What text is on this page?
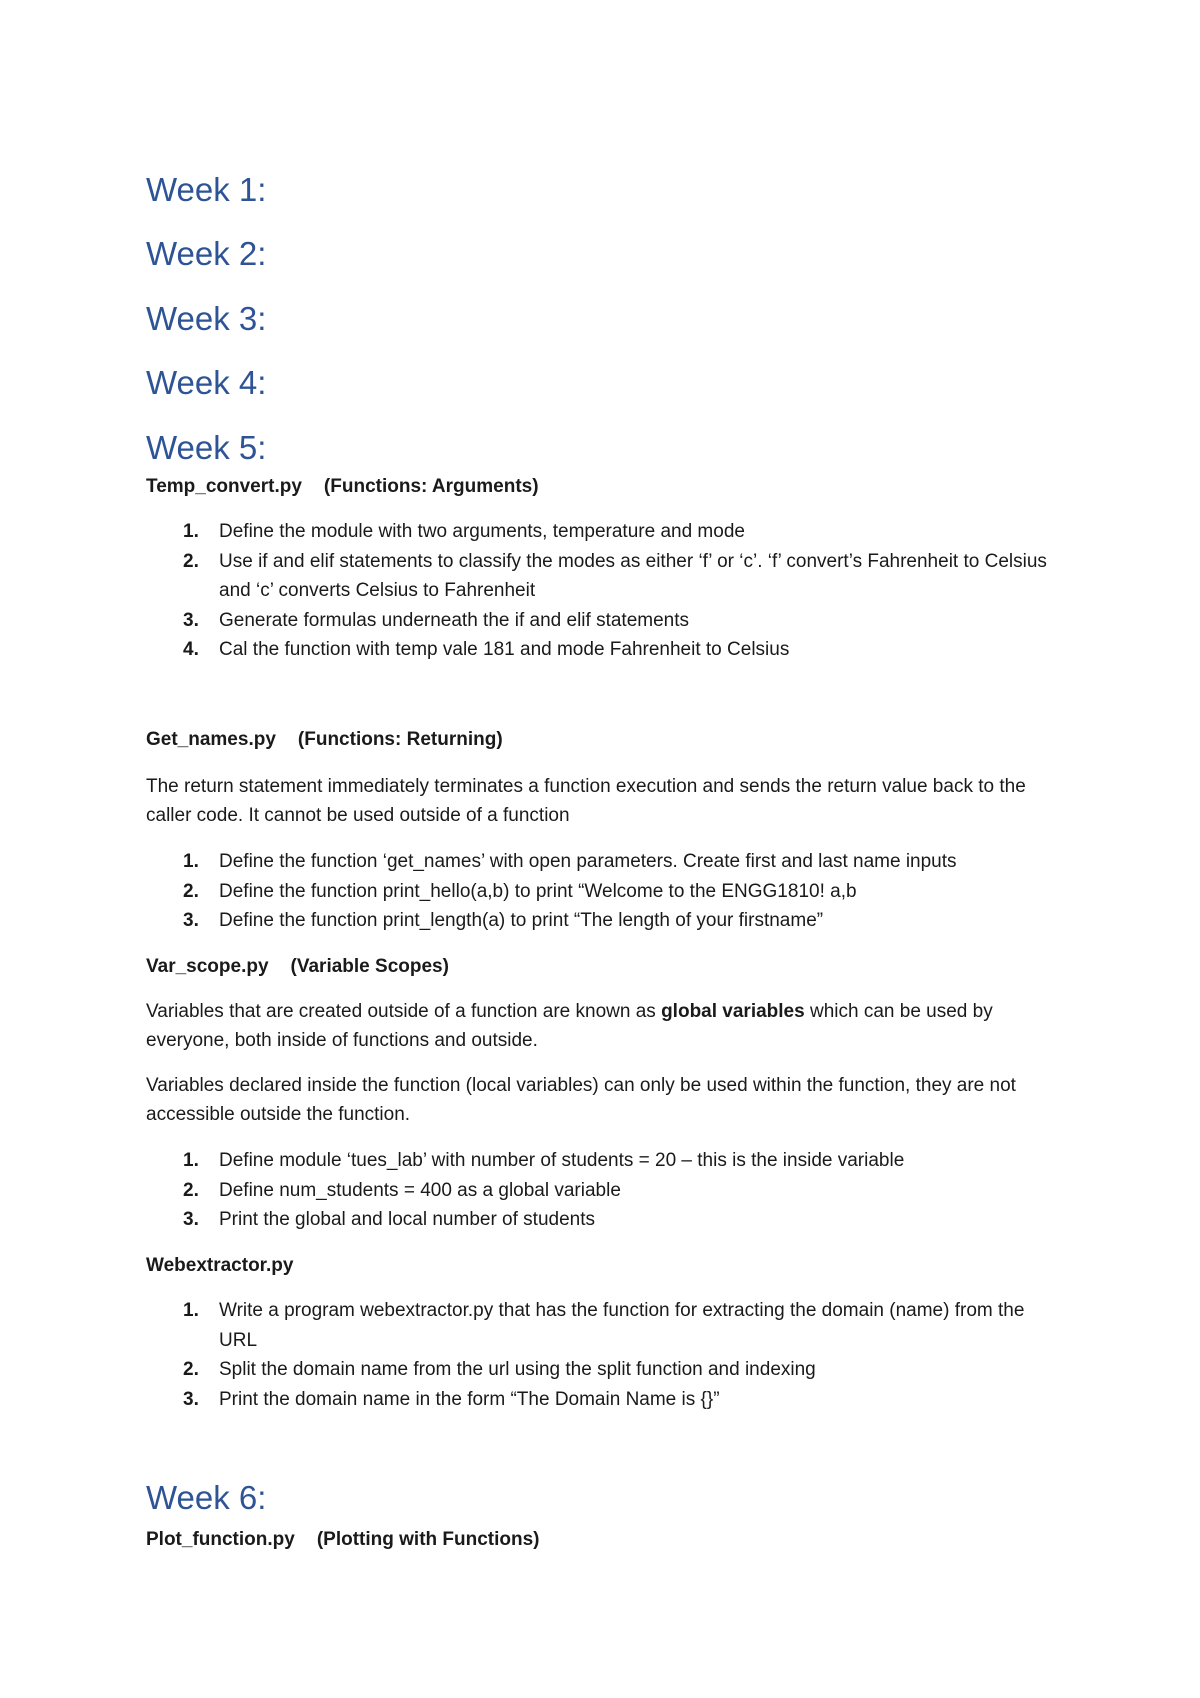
Week 1:
Week 2:
Week 3:
Week 4:
Week 5:
Temp_convert.py (Functions: Arguments)
1. Define the module with two arguments, temperature and mode
2. Use if and elif statements to classify the modes as either ‘f’ or ‘c’. ‘f’ convert’s Fahrenheit to Celsius and ‘c’ converts Celsius to Fahrenheit
3. Generate formulas underneath the if and elif statements
4. Cal the function with temp vale 181 and mode Fahrenheit to Celsius
Get_names.py (Functions: Returning)

The return statement immediately terminates a function execution and sends the return value back to the caller code. It cannot be used outside of a function

1. Define the function ‘get_names’ with open parameters. Create first and last name inputs
2. Define the function print_hello(a,b) to print “Welcome to the ENGG1810! a,b
3. Define the function print_length(a) to print “The length of your firstname”
Var_scope.py (Variable Scopes)

Variables that are created outside of a function are known as global variables which can be used by everyone, both inside of functions and outside.

Variables declared inside the function (local variables) can only be used within the function, they are not accessible outside the function.

1. Define module ‘tues_lab’ with number of students = 20 – this is the inside variable
2. Define num_students = 400 as a global variable
3. Print the global and local number of students
Webextractor.py
1. Write a program webextractor.py that has the function for extracting the domain (name) from the URL
2. Split the domain name from the url using the split function and indexing
3. Print the domain name in the form “The Domain Name is {}”
Week 6:
Plot_function.py (Plotting with Functions)
